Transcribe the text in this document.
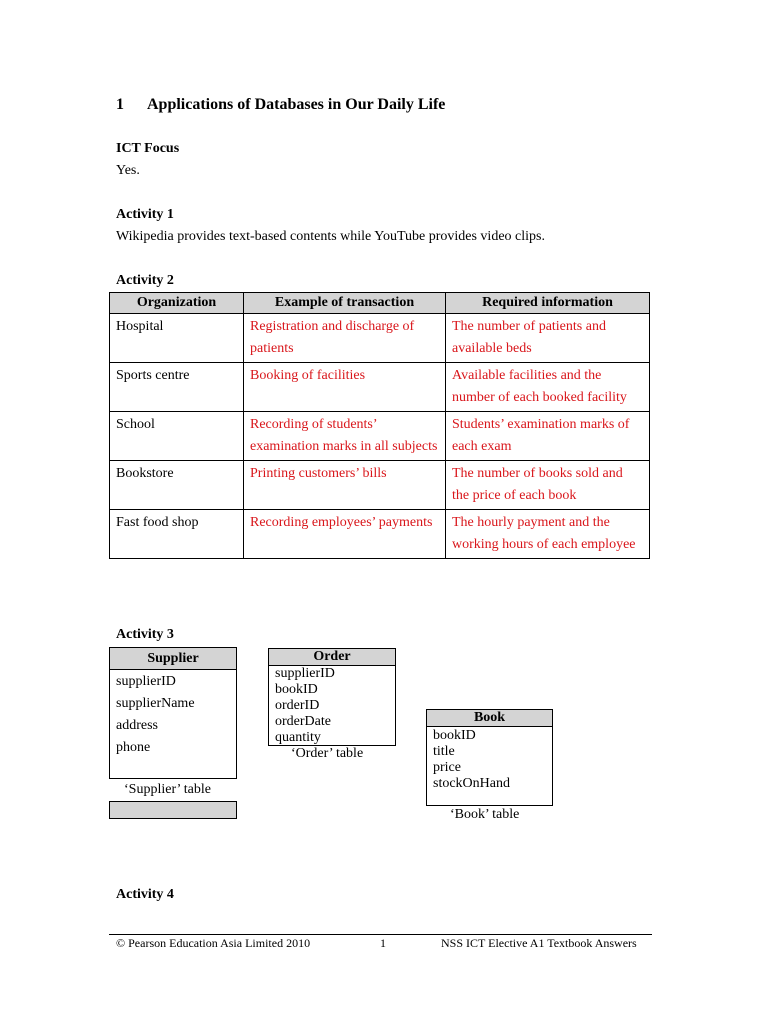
1 Applications of Databases in Our Daily Life
ICT Focus
Yes.
Activity 1
Wikipedia provides text-based contents while YouTube provides video clips.
Activity 2
Organization	Example of transaction	Required information
Hospital	Registration and discharge of patients	The number of patients and available beds
Sports centre	Booking of facilities	Available facilities and the number of each booked facility
School	Recording of students’ examination marks in all subjects	Students’ examination marks of each exam
Bookstore	Printing customers’ bills	The number of books sold and the price of each book
Fast food shop	Recording employees’ payments	The hourly payment and the working hours of each employee
Activity 3
Supplier
supplierID
supplierName
address
phone
‘Supplier’ table
Order
supplierID
bookID
orderID
orderDate
quantity
‘Order’ table
Book
bookID
title
price
stockOnHand
‘Book’ table
Activity 4
© Pearson Education Asia Limited 2010	1	NSS ICT Elective A1 Textbook Answers
